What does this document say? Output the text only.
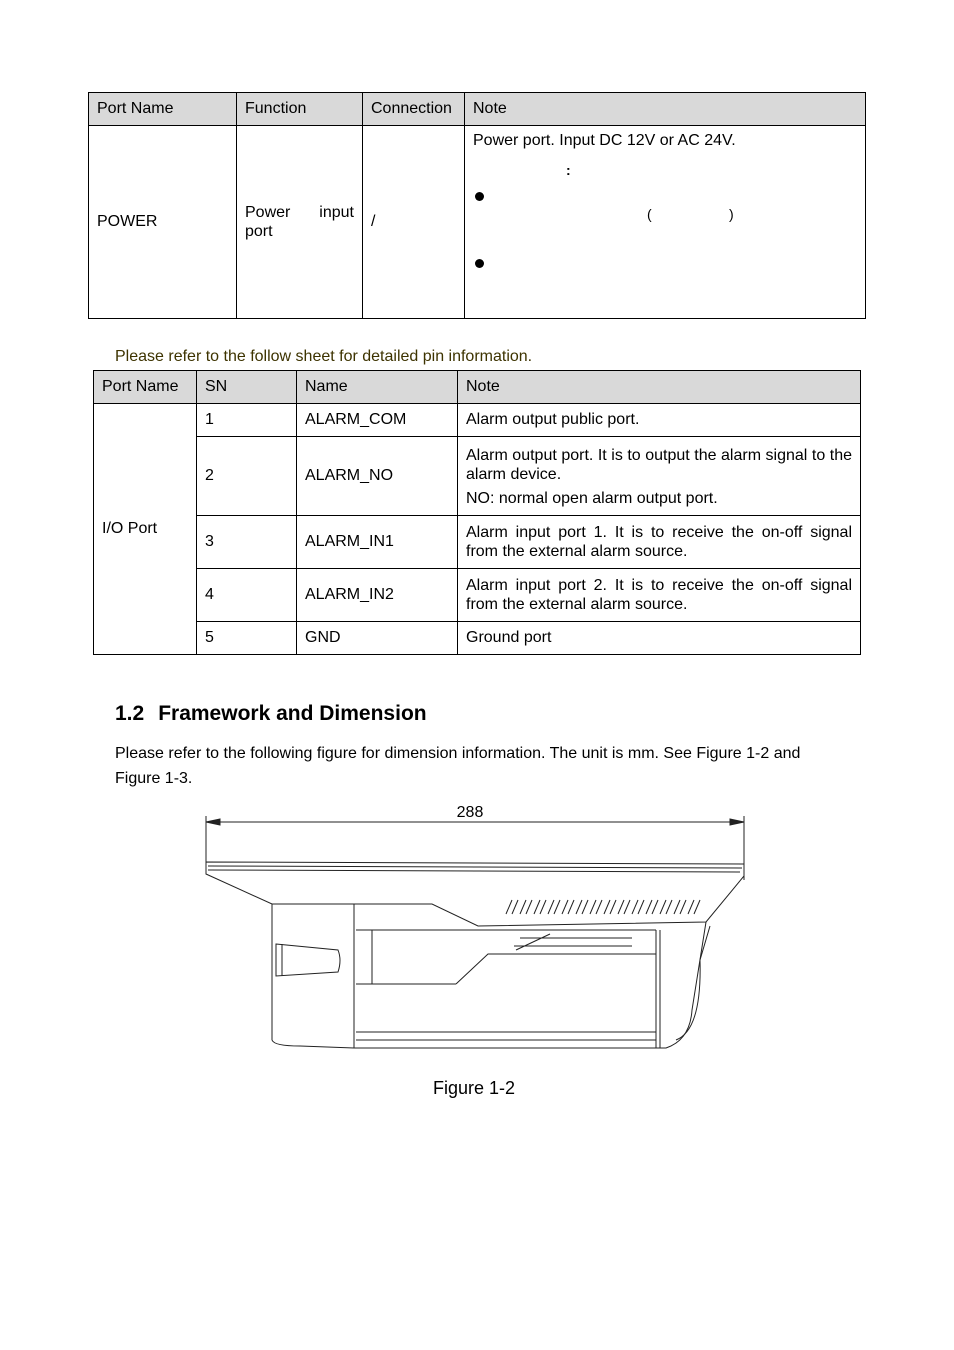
Port Name	Function	Connection	Note
POWER	Power input port	/	Power port. Input DC 12V or AC 24V.
:
( )
Please refer to the follow sheet for detailed pin information.
Port Name	SN	Name	Note
I/O Port	1	ALARM_COM	Alarm output public port.
	2	ALARM_NO	Alarm output port. It is to output the alarm signal to the alarm device.
NO: normal open alarm output port.

	3	ALARM_IN1	Alarm input port 1. It is to receive the on-off signal from the external alarm source.
	4	ALARM_IN2	Alarm input port 2. It is to receive the on-off signal from the external alarm source.
	5	GND	Ground port
1.2 Framework and Dimension
Please refer to the following figure for dimension information. The unit is mm. See Figure 1-2 and Figure 1-3.
288
Figure 1-2
